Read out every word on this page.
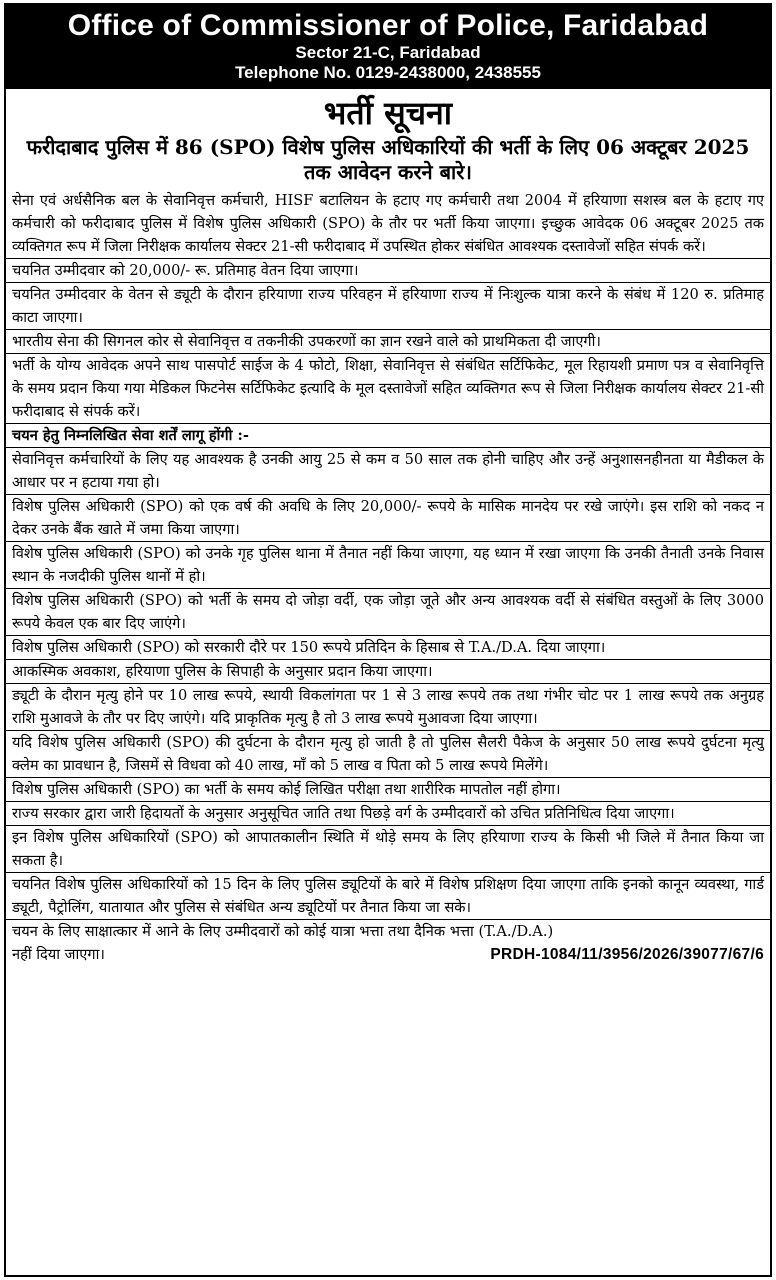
Office of Commissioner of Police, Faridabad
Sector 21-C, Faridabad
Telephone No. 0129-2438000, 2438555
भर्ती सूचना
फरीदाबाद पुलिस में 86 (SPO) विशेष पुलिस अधिकारियों की भर्ती के लिए 06 अक्टूबर 2025 तक आवेदन करने बारे।
सेना एवं अर्धसैनिक बल के सेवानिवृत्त कर्मचारी, HISF बटालियन के हटाए गए कर्मचारी तथा 2004 में हरियाणा सशस्त्र बल के हटाए गए कर्मचारी को फरीदाबाद पुलिस में विशेष पुलिस अधिकारी (SPO) के तौर पर भर्ती किया जाएगा। इच्छुक आवेदक 06 अक्टूबर 2025 तक व्यक्तिगत रूप में जिला निरीक्षक कार्यालय सेक्टर 21-सी फरीदाबाद में उपस्थित होकर संबंधित आवश्यक दस्तावेजों सहित संपर्क करें।
चयनित उम्मीदवार को 20,000/- रू. प्रतिमाह वेतन दिया जाएगा।
चयनित उम्मीदवार के वेतन से ड्यूटी के दौरान हरियाणा राज्य परिवहन में हरियाणा राज्य में निःशुल्क यात्रा करने के संबंध में 120 रु. प्रतिमाह काटा जाएगा।
भारतीय सेना की सिगनल कोर से सेवानिवृत्त व तकनीकी उपकरणों का ज्ञान रखने वाले को प्राथमिकता दी जाएगी।
भर्ती के योग्य आवेदक अपने साथ पासपोर्ट साईज के 4 फोटो, शिक्षा, सेवानिवृत्त से संबंधित सर्टिफिकेट, मूल रिहायशी प्रमाण पत्र व सेवानिवृत्ति के समय प्रदान किया गया मेडिकल फिटनेस सर्टिफिकेट इत्यादि के मूल दस्तावेजों सहित व्यक्तिगत रूप से जिला निरीक्षक कार्यालय सेक्टर 21-सी फरीदाबाद से संपर्क करें।
चयन हेतु निम्नलिखित सेवा शर्तें लागू होंगी :-
सेवानिवृत्त कर्मचारियों के लिए यह आवश्यक है उनकी आयु 25 से कम व 50 साल तक होनी चाहिए और उन्हें अनुशासनहीनता या मैडीकल के आधार पर न हटाया गया हो।
विशेष पुलिस अधिकारी (SPO) को एक वर्ष की अवधि के लिए 20,000/- रूपये के मासिक मानदेय पर रखे जाएंगे। इस राशि को नकद न देकर उनके बैंक खाते में जमा किया जाएगा।
विशेष पुलिस अधिकारी (SPO) को उनके गृह पुलिस थाना में तैनात नहीं किया जाएगा, यह ध्यान में रखा जाएगा कि उनकी तैनाती उनके निवास स्थान के नजदीकी पुलिस थानों में हो।
विशेष पुलिस अधिकारी (SPO) को भर्ती के समय दो जोड़ा वर्दी, एक जोड़ा जूते और अन्य आवश्यक वर्दी से संबंधित वस्तुओं के लिए 3000 रूपये केवल एक बार दिए जाएंगे।
विशेष पुलिस अधिकारी (SPO) को सरकारी दौरे पर 150 रूपये प्रतिदिन के हिसाब से T.A./D.A. दिया जाएगा।
आकस्मिक अवकाश, हरियाणा पुलिस के सिपाही के अनुसार प्रदान किया जाएगा।
ड्यूटी के दौरान मृत्यु होने पर 10 लाख रूपये, स्थायी विकलांगता पर 1 से 3 लाख रूपये तक तथा गंभीर चोट पर 1 लाख रूपये तक अनुग्रह राशि मुआवजे के तौर पर दिए जाएंगे। यदि प्राकृतिक मृत्यु है तो 3 लाख रूपये मुआवजा दिया जाएगा।
यदि विशेष पुलिस अधिकारी (SPO) की दुर्घटना के दौरान मृत्यु हो जाती है तो पुलिस सैलरी पैकेज के अनुसार 50 लाख रूपये दुर्घटना मृत्यु क्लेम का प्रावधान है, जिसमें से विधवा को 40 लाख, माँ को 5 लाख व पिता को 5 लाख रूपये मिलेंगे।
विशेष पुलिस अधिकारी (SPO) का भर्ती के समय कोई लिखित परीक्षा तथा शारीरिक मापतोल नहीं होगा।
राज्य सरकार द्वारा जारी हिदायतों के अनुसार अनुसूचित जाति तथा पिछड़े वर्ग के उम्मीदवारों को उचित प्रतिनिधित्व दिया जाएगा।
इन विशेष पुलिस अधिकारियों (SPO) को आपातकालीन स्थिति में थोड़े समय के लिए हरियाणा राज्य के किसी भी जिले में तैनात किया जा सकता है।
चयनित विशेष पुलिस अधिकारियों को 15 दिन के लिए पुलिस ड्यूटियों के बारे में विशेष प्रशिक्षण दिया जाएगा ताकि इनको कानून व्यवस्था, गार्ड ड्यूटी, पैट्रोलिंग, यातायात और पुलिस से संबंधित अन्य ड्यूटियों पर तैनात किया जा सके।
चयन के लिए साक्षात्कार में आने के लिए उम्मीदवारों को कोई यात्रा भत्ता तथा दैनिक भत्ता (T.A./D.A.)
नहीं दिया जाएगा।	PRDH-1084/11/3956/2026/39077/67/6
